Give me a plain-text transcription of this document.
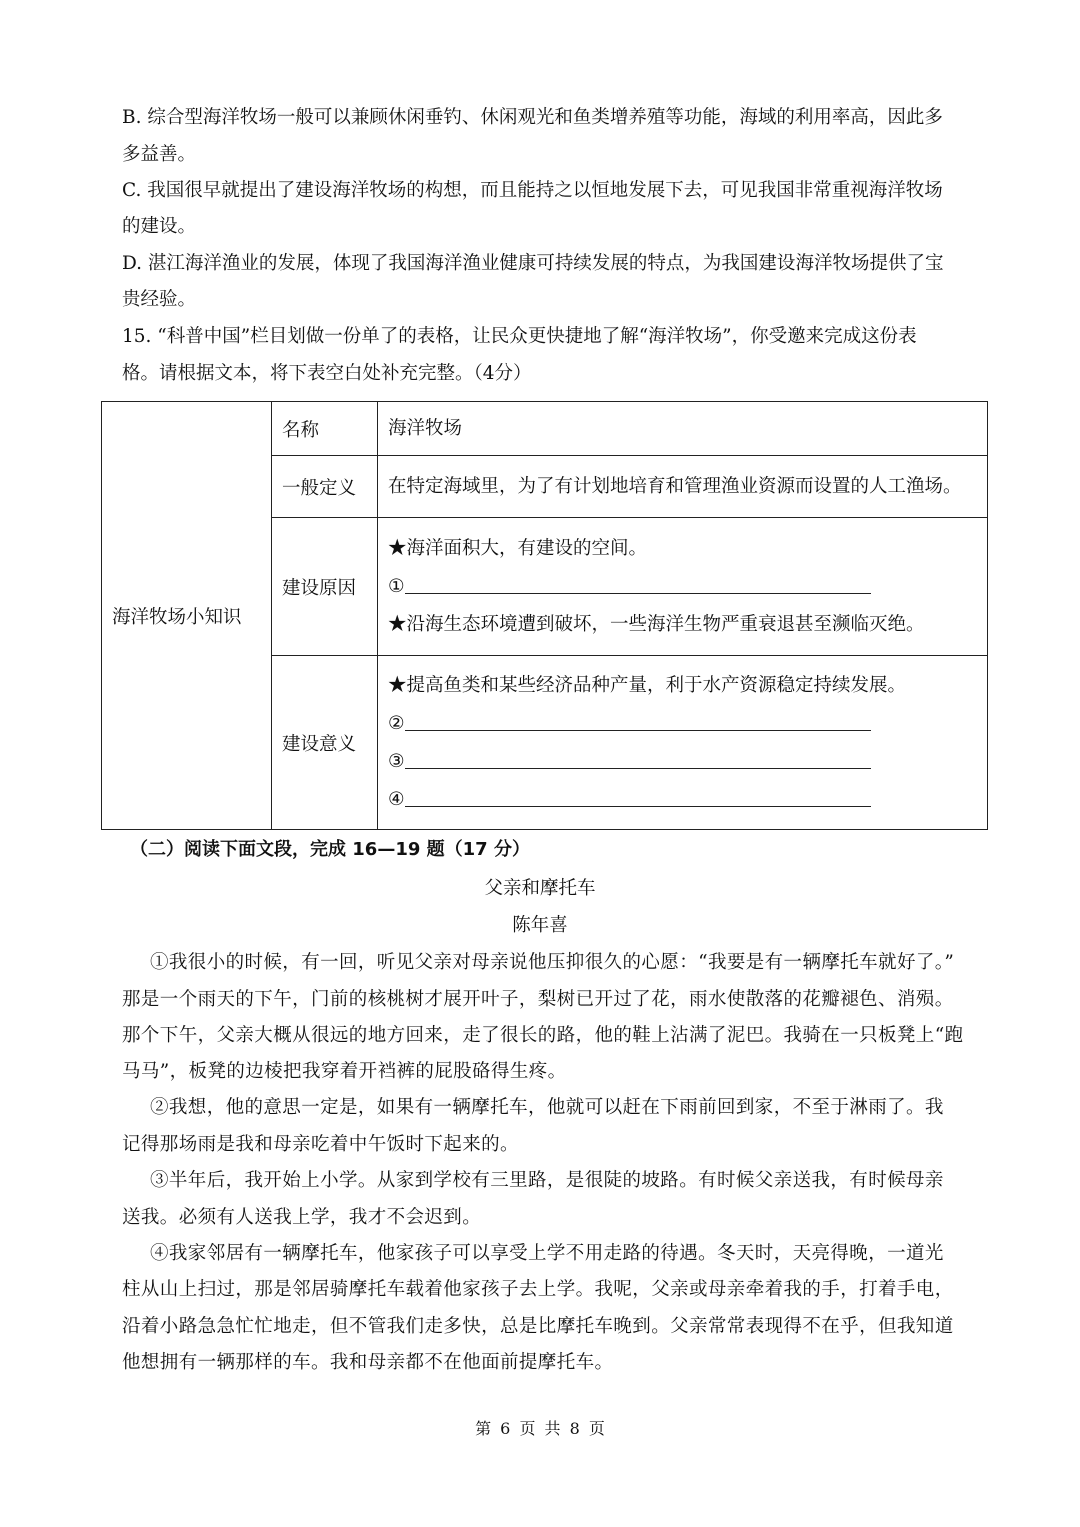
B. 综合型海洋牧场一般可以兼顾休闲垂钓、休闲观光和鱼类增养殖等功能，海域的利用率高，因此多
多益善。
C. 我国很早就提出了建设海洋牧场的构想，而且能持之以恒地发展下去，可见我国非常重视海洋牧场
的建设。
D. 湛江海洋渔业的发展，体现了我国海洋渔业健康可持续发展的特点，为我国建设海洋牧场提供了宝
贵经验。
15. “科普中国”栏目划做一份单了的表格，让民众更快捷地了解“海洋牧场”，你受邀来完成这份表
格。请根据文本，将下表空白处补充完整。（4分）
海洋牧场小知识	名称	海洋牧场

	一般定义	在特定海域里，为了有计划地培育和管理渔业资源而设置的人工渔场。

	建设原因	★海洋面积大，有建设的空间。
①
★沿海生态环境遭到破坏，一些海洋生物严重衰退甚至濒临灭绝。

	建设意义	★提高鱼类和某些经济品种产量，利于水产资源稳定持续发展。
②
③
④
（二）阅读下面文段，完成 16—19 题（17 分）
父亲和摩托车
陈年喜
①我很小的时候，有一回，听见父亲对母亲说他压抑很久的心愿：“我要是有一辆摩托车就好了。”
那是一个雨天的下午，门前的核桃树才展开叶子，梨树已开过了花，雨水使散落的花瓣褪色、消殒。
那个下午，父亲大概从很远的地方回来，走了很长的路，他的鞋上沾满了泥巴。我骑在一只板凳上“跑
马马”，板凳的边棱把我穿着开裆裤的屁股硌得生疼。
②我想，他的意思一定是，如果有一辆摩托车，他就可以赶在下雨前回到家，不至于淋雨了。我
记得那场雨是我和母亲吃着中午饭时下起来的。
③半年后，我开始上小学。从家到学校有三里路，是很陡的坡路。有时候父亲送我，有时候母亲
送我。必须有人送我上学，我才不会迟到。
④我家邻居有一辆摩托车，他家孩子可以享受上学不用走路的待遇。冬天时，天亮得晚，一道光
柱从山上扫过，那是邻居骑摩托车载着他家孩子去上学。我呢，父亲或母亲牵着我的手，打着手电，
沿着小路急急忙忙地走，但不管我们走多快，总是比摩托车晚到。父亲常常表现得不在乎，但我知道
他想拥有一辆那样的车。我和母亲都不在他面前提摩托车。
第 6 页 共 8 页
